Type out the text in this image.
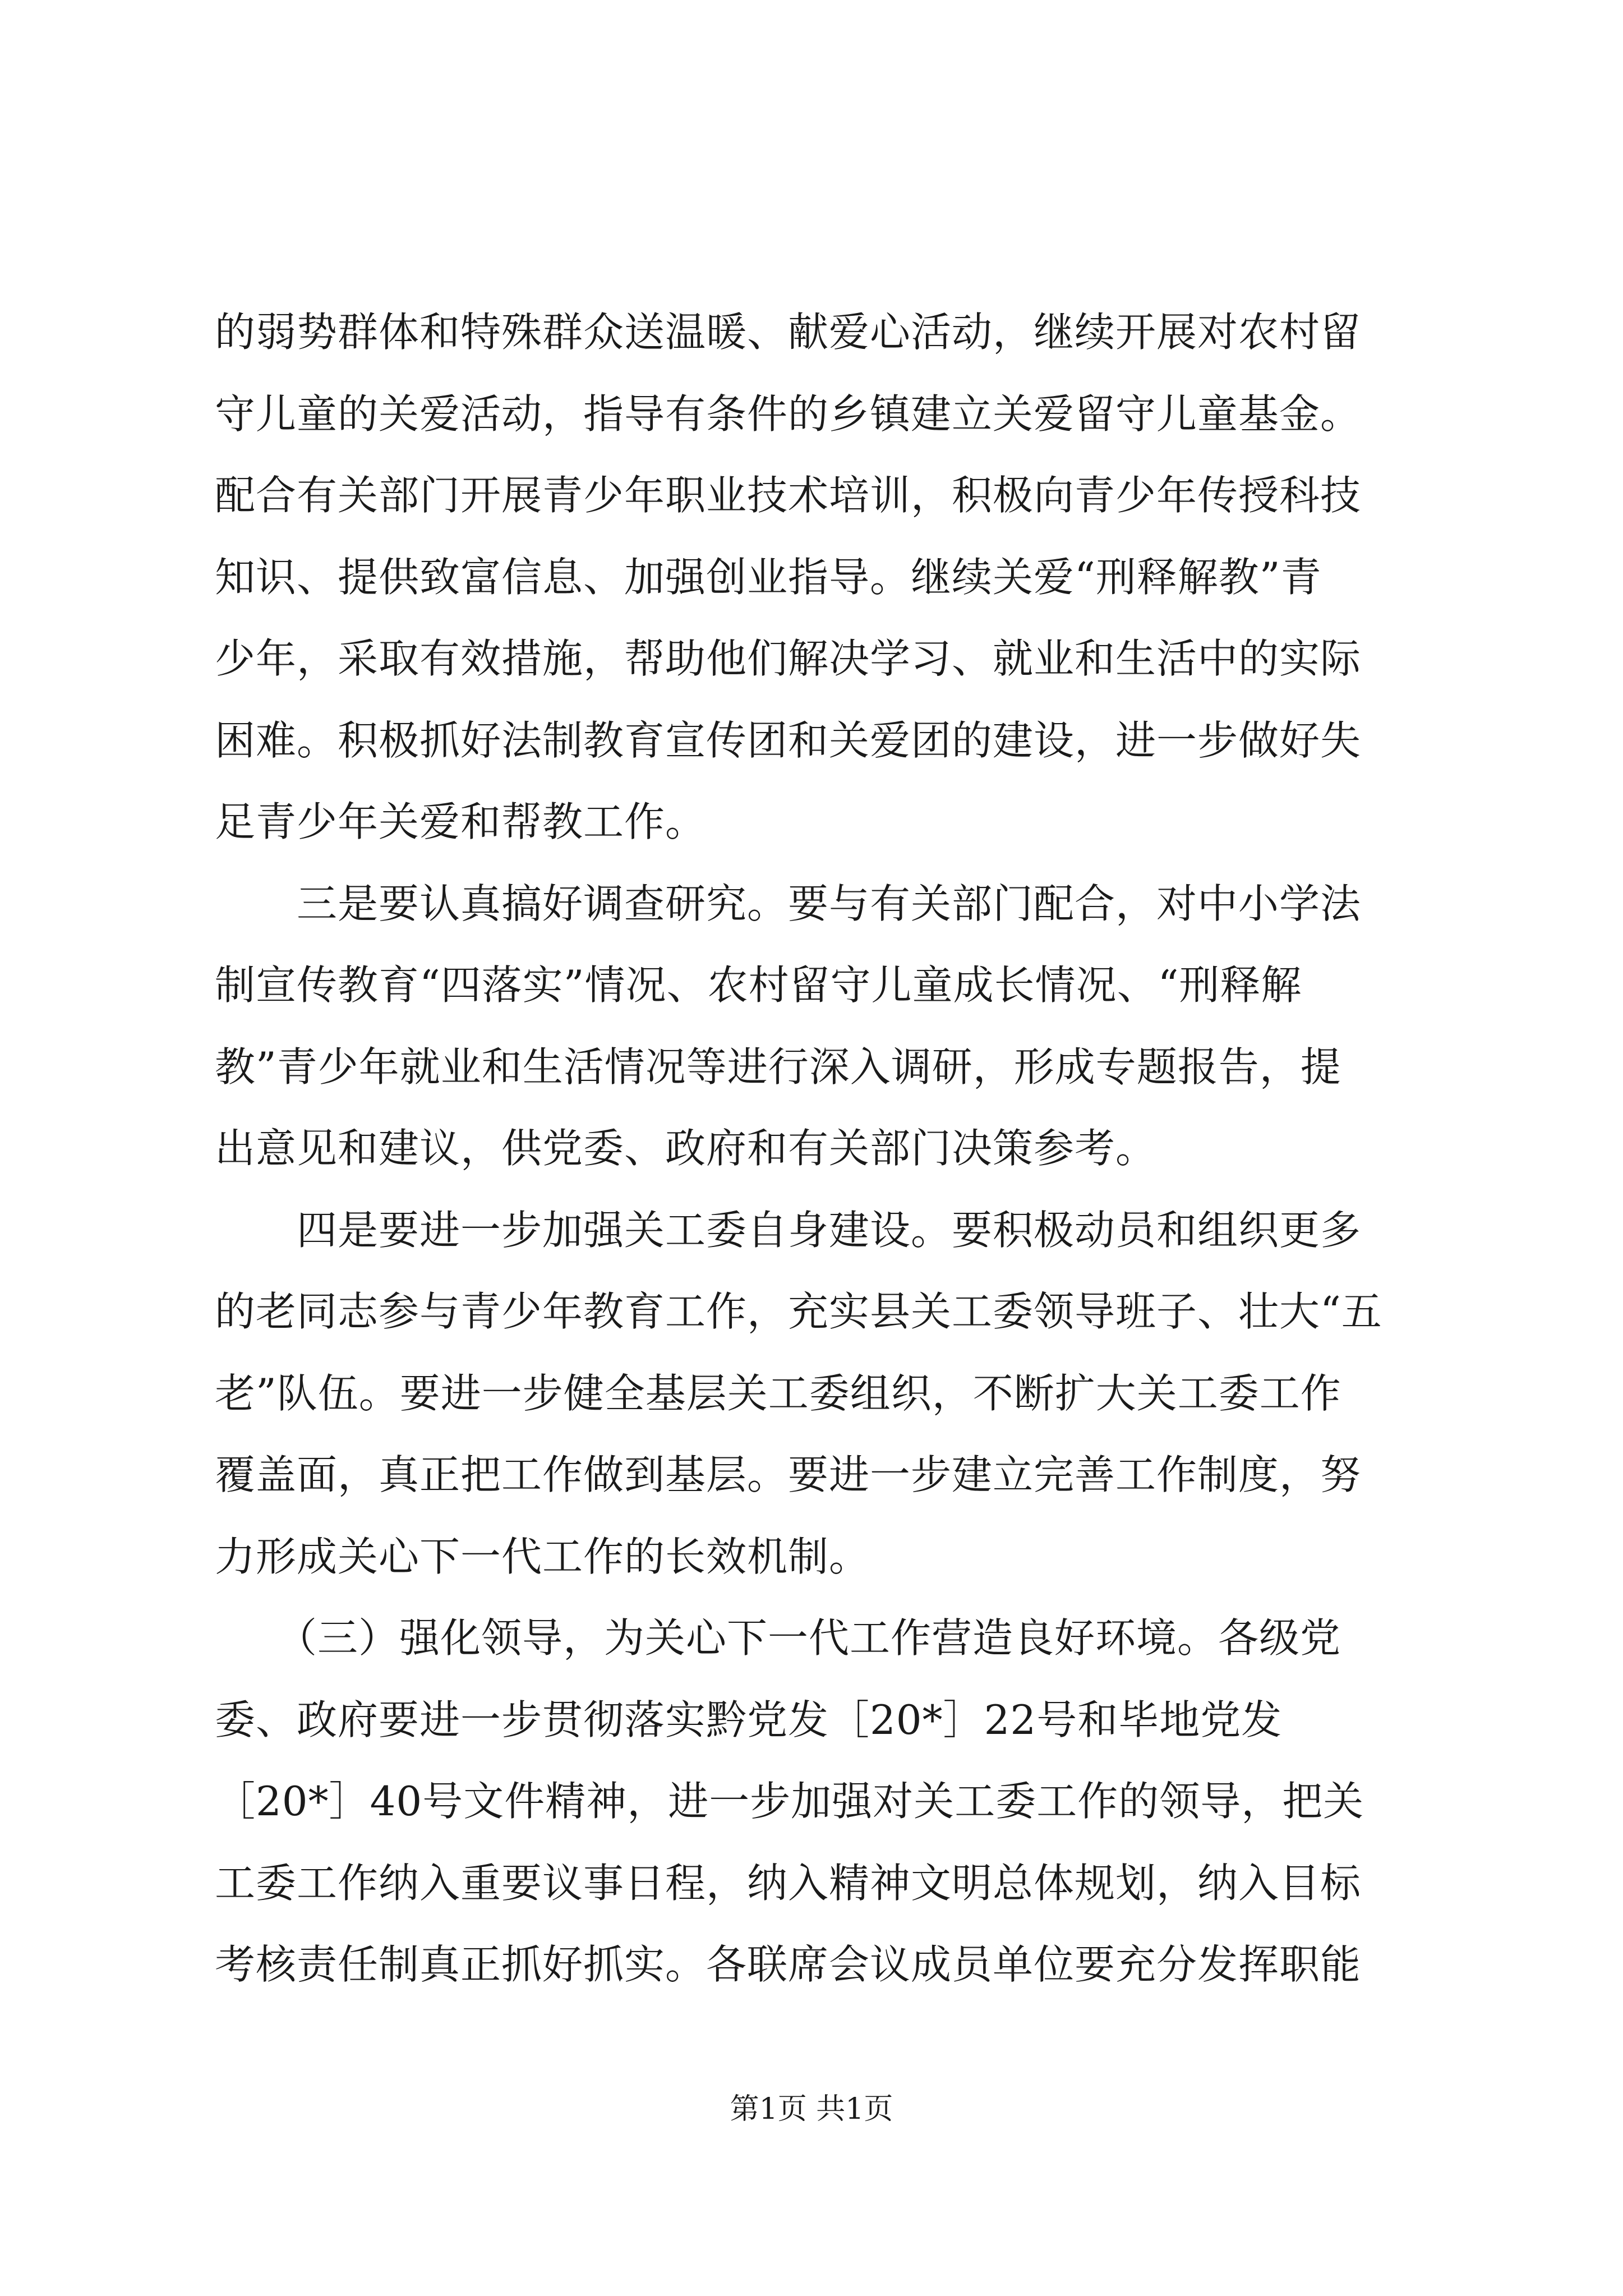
的弱势群体和特殊群众送温暖、献爱心活动，继续开展对农村留
守儿童的关爱活动，指导有条件的乡镇建立关爱留守儿童基金。
配合有关部门开展青少年职业技术培训，积极向青少年传授科技
知识、提供致富信息、加强创业指导。继续关爱“刑释解教”青
少年，采取有效措施，帮助他们解决学习、就业和生活中的实际
困难。积极抓好法制教育宣传团和关爱团的建设，进一步做好失
足青少年关爱和帮教工作。
　　三是要认真搞好调查研究。要与有关部门配合，对中小学法
制宣传教育“四落实”情况、农村留守儿童成长情况、“刑释解
教”青少年就业和生活情况等进行深入调研，形成专题报告，提
出意见和建议，供党委、政府和有关部门决策参考。
　　四是要进一步加强关工委自身建设。要积极动员和组织更多
的老同志参与青少年教育工作，充实县关工委领导班子、壮大“五
老”队伍。要进一步健全基层关工委组织，不断扩大关工委工作
覆盖面，真正把工作做到基层。要进一步建立完善工作制度，努
力形成关心下一代工作的长效机制。
　　（三）强化领导，为关心下一代工作营造良好环境。各级党
委、政府要进一步贯彻落实黔党发［20*］22号和毕地党发
［20*］40号文件精神，进一步加强对关工委工作的领导，把关
工委工作纳入重要议事日程，纳入精神文明总体规划，纳入目标
考核责任制真正抓好抓实。各联席会议成员单位要充分发挥职能
第1页 共1页
